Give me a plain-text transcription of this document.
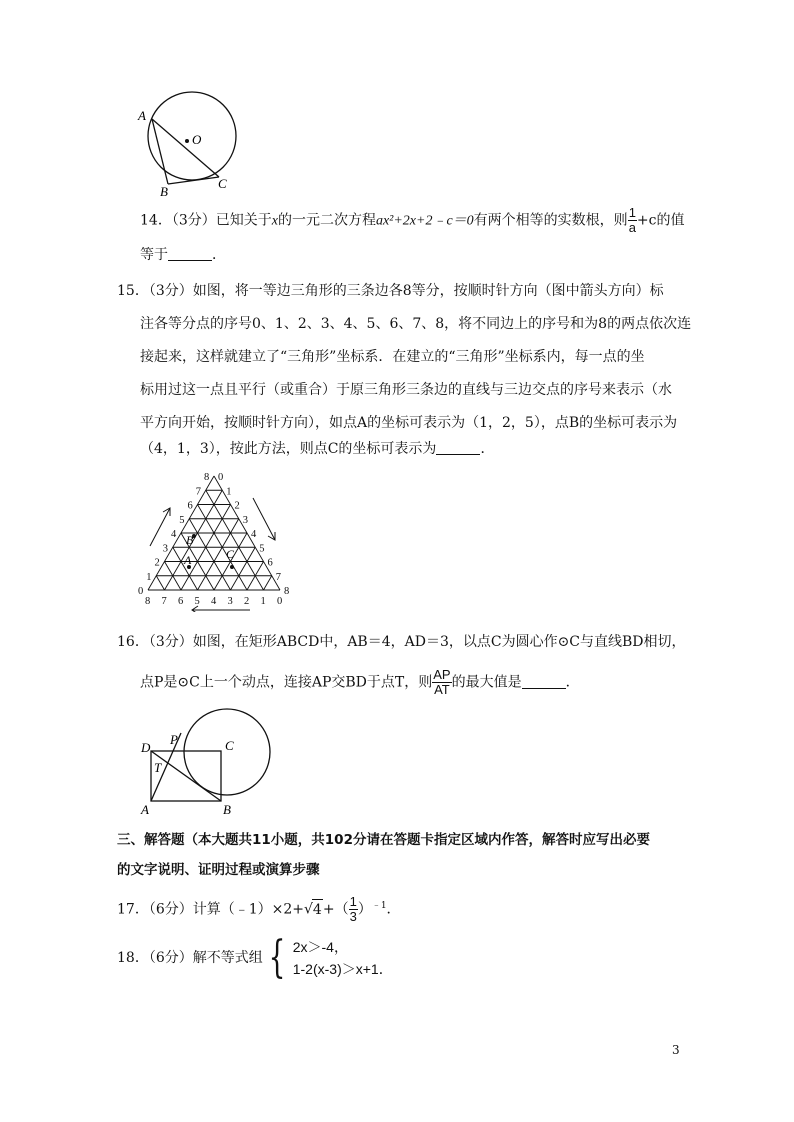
O
A
B
C
14．（3分）已知关于x的一元二次方程ax²+2x+2﹣c＝0有两个相等的实数根，则 $\frac{1}{a} +c$的值
等于	．
15．（3分）如图，将一等边三角形的三条边各8等分，按顺时针方向（图中箭头方向）标
注各等分点的序号0、1、2、3、4、5、6、7、8，将不同边上的序号和为8的两点依次连
接起来，这样就建立了“三角形”坐标系．在建立的“三角形”坐标系内，每一点的坐
标用过这一点且平行（或重合）于原三角形三条边的直线与三边交点的序号来表示（水
平方向开始，按顺时针方向），如点A的坐标可表示为（1，2，5），点B的坐标可表示为
（4，1，3），按此方法，则点C的坐标可表示为	．
0
1
2
3
4
5
6
7
8 0
1
2
3
4
5
6
7
8
8 7 6 5 4 3 2 1 0
B
A	C
16．（3分）如图，在矩形ABCD中，AB＝4，AD＝3，以点C为圆心作⊙C与直线BD相切，
点P是⊙C上一个动点，连接AP交BD于点T，则 $\frac{AP}{AT}$ 的最大值是	．
D
P	C
T
A	B
三、解答题（本大题共11小题，共102分请在答题卡指定区域内作答，解答时应写出必要
的文字说明、证明过程或演算步骤
17．（6分）计算（﹣1）×2+√4+（ $\frac{1}{3} )^{﹣1}$．
18．（6分）解不等式组 { 2x＞-4，
1-2(x-3)＞x+1．
3
